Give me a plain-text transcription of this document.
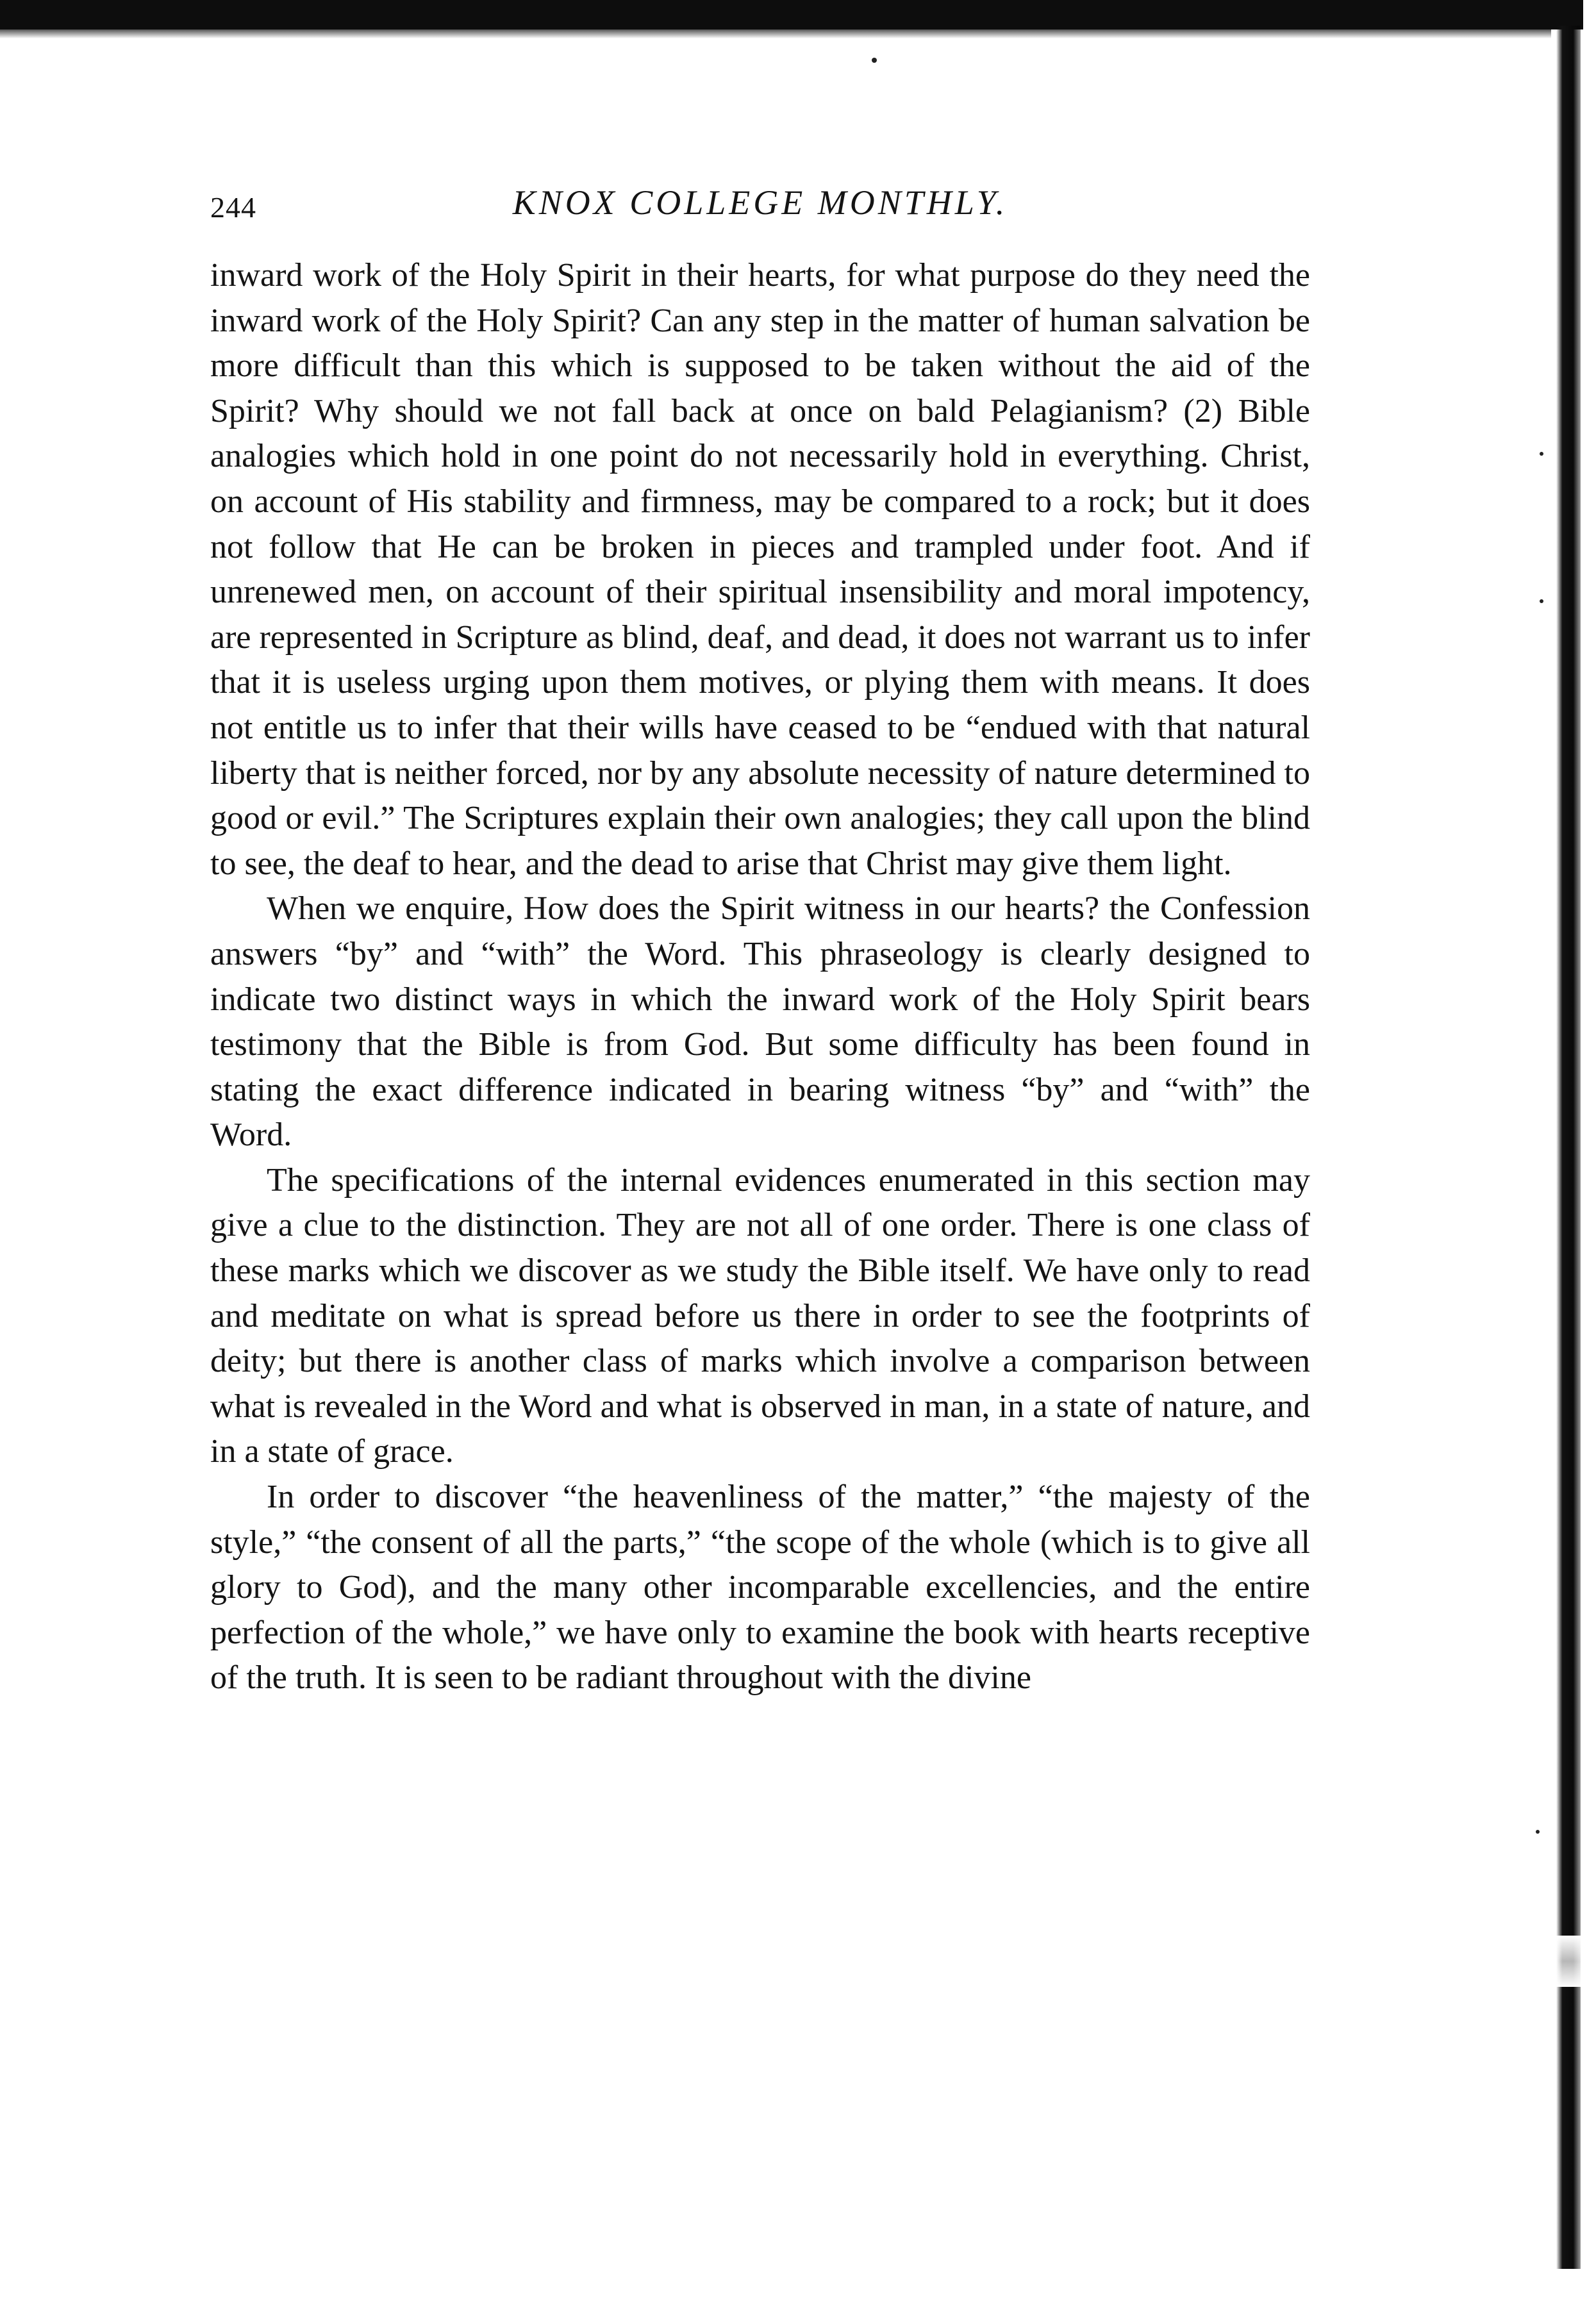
244	KNOX COLLEGE MONTHLY.

inward work of the Holy Spirit in their hearts, for what purpose do they need the inward work of the Holy Spirit? Can any step in the matter of human salvation be more difficult than this which is supposed to be taken without the aid of the Spirit? Why should we not fall back at once on bald Pelagianism? (2) Bible analogies which hold in one point do not necessarily hold in everything. Christ, on account of His stability and firmness, may be compared to a rock; but it does not follow that He can be broken in pieces and trampled under foot. And if unrenewed men, on account of their spiritual insensibility and moral impotency, are represented in Scripture as blind, deaf, and dead, it does not warrant us to infer that it is useless urging upon them motives, or plying them with means. It does not entitle us to infer that their wills have ceased to be “endued with that natural liberty that is neither forced, nor by any absolute necessity of nature determined to good or evil.” The Scriptures explain their own analogies; they call upon the blind to see, the deaf to hear, and the dead to arise that Christ may give them light.

When we enquire, How does the Spirit witness in our hearts? the Confession answers “by” and “with” the Word. This phraseology is clearly designed to indicate two distinct ways in which the inward work of the Holy Spirit bears testimony that the Bible is from God. But some difficulty has been found in stating the exact difference indicated in bearing witness “by” and “with” the Word.

The specifications of the internal evidences enumerated in this section may give a clue to the distinction. They are not all of one order. There is one class of these marks which we discover as we study the Bible itself. We have only to read and meditate on what is spread before us there in order to see the footprints of deity; but there is another class of marks which involve a comparison between what is revealed in the Word and what is observed in man, in a state of nature, and in a state of grace.

In order to discover “the heavenliness of the matter,” “the majesty of the style,” “the consent of all the parts,” “the scope of the whole (which is to give all glory to God), and the many other incomparable excellencies, and the entire perfection of the whole,” we have only to examine the book with hearts receptive of the truth. It is seen to be radiant throughout with the divine
